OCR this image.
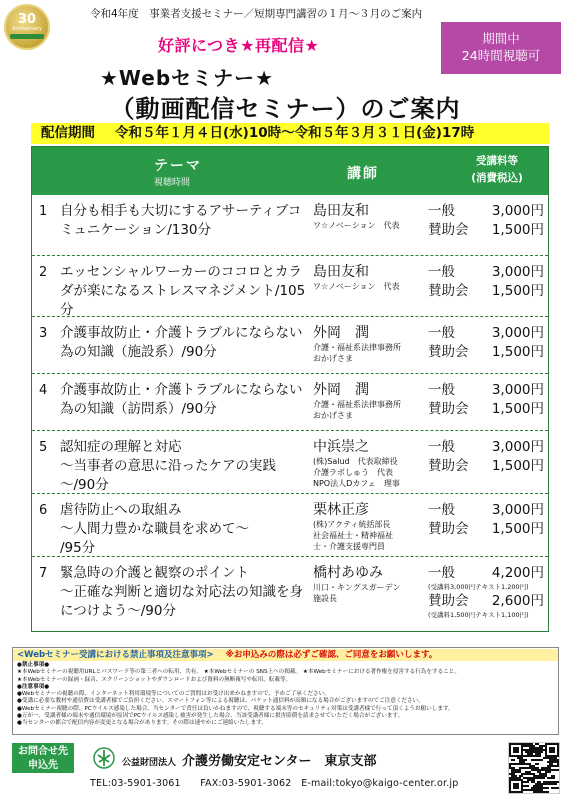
30
Anniversary
令和4年度　事業者支援セミナー／短期専門講習の１月～３月のご案内
好評につき★再配信★	期間中
24時間視聴可
★Webセミナー★
（動画配信セミナー）のご案内
配信期間 令和５年１月４日(水)10時～令和５年３月３１日(金)17時
テーマ
視聴時間
講師
受講料等
(消費税込)
1 自分も相手も大切にするアサーティブコミュニケーション/130分
島田友和
ワ☆ノベーション　代表
一般	3,000円
賛助会 1,500円
2 エッセンシャルワーカーのココロとカラダが楽になるストレスマネジメント/105分
島田友和
ワ☆ノベーション　代表
一般	3,000円
賛助会 1,500円
3 介護事故防止・介護トラブルにならない為の知識（施設系）/90分
外岡　潤
介護・福祉系法律事務所
おかげさま
一般	3,000円
賛助会 1,500円
4 介護事故防止・介護トラブルにならない為の知識（訪問系）/90分
外岡　潤
介護・福祉系法律事務所
おかげさま
一般	3,000円
賛助会 1,500円
5 認知症の理解と対応
～当事者の意思に沿ったケアの実践～/90分
中浜崇之
(株)Salud　代表取締役
介護ラボしゅう　代表
NPO法人Dカフェ　理事
一般	3,000円
賛助会 1,500円
6 虐待防止への取組み
～人間力豊かな職員を求めて～
/95分
栗林正彦
(株)アクティ統括部長
社会福祉士・精神福祉
士・介護支援専門員
一般	3,000円
賛助会 1,500円
7 緊急時の介護と観察のポイント
～正確な判断と適切な対応法の知識を身につけよう～/90分
橋村あゆみ
川口・キングスガーデン
施設長
一般	4,200円
(受講料3,000円テキスト1,200円)
賛助会 2,600円
(受講料1,500円テキスト1,100円)
<Webセミナー受講における禁止事項及注意事項> ※お申込みの際は必ずご確認、ご同意をお願いします。
●禁止事項●
★本Webセミナーの視聴用URLとパスワード等の第三者への転用、共有。 ★本Webセミナーの SNS上への掲載。 ★本Webセミナーにおける著作権を侵害する行為をすること。
★本Webセミナーの録画・録音、スクリーンショットやダウンロードおよび資料の無断複写や転用、転載等。
●注意事項●
●Webセミナーの視聴の際、インターネット利用環境等についてのご質問はお受け出来かねますので、予めご了承ください。
●受講に必要な教材や通信費は受講者様でご負担ください。スマートフォン等による視聴は、パケット通信料が高額になる場合がございますのでご注意ください。
●Webセミナー視聴の際、PCウイルス感染した場合、当センターで責任は負いかねますので、視聴する端末等のセキュリティ対策は受講者様で行って頂くようお願いします。
●万が一、受講者様の端末や通信環境が原因でPCウイルス感染し被害が発生した場合、当該受講者様に損害賠償を請求させていただく場合がございます。
●当センターの都合で配信内容が変更となる場合があります。その際は速やかにご連絡いたします。
お問合せ先
申込先	公益財団法人 介護労働安定センター　東京支部
TEL:03-5901-3061　　FAX:03-5901-3062　E-mail:tokyo@kaigo-center.or.jp
